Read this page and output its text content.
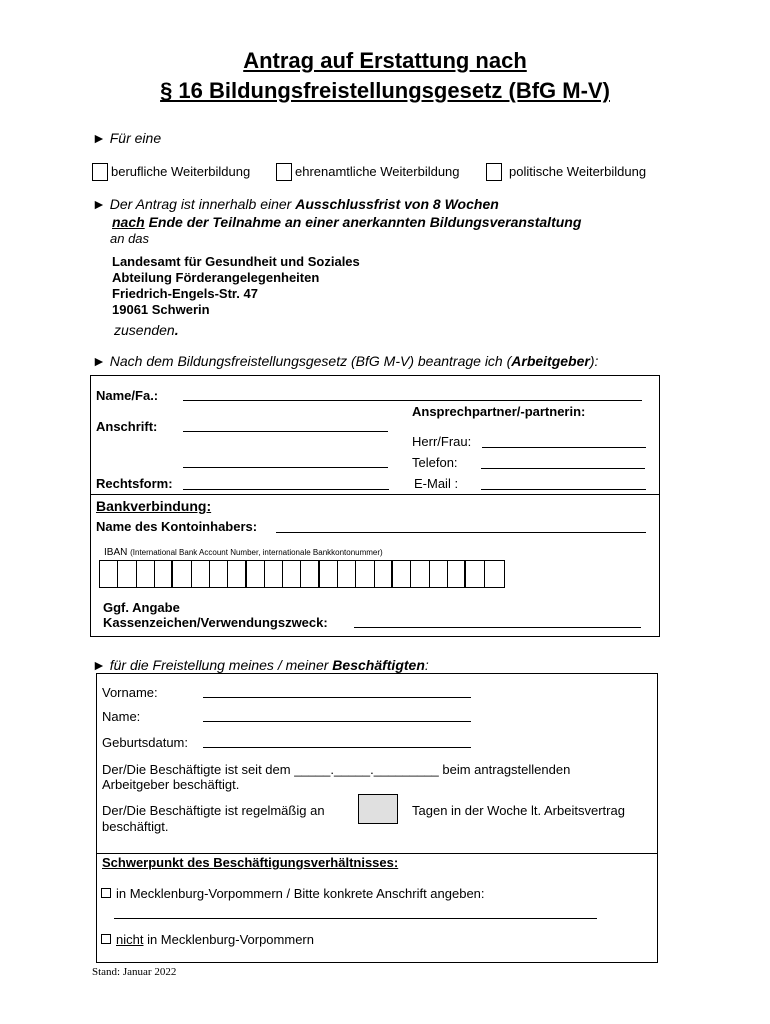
Antrag auf Erstattung nach
§ 16 Bildungsfreistellungsgesetz (BfG M-V)
► Für eine
berufliche Weiterbildung	ehrenamtliche Weiterbildung	politische Weiterbildung
► Der Antrag ist innerhalb einer Ausschlussfrist von 8 Wochen
nach Ende der Teilnahme an einer anerkannten Bildungsveranstaltung
an das
Landesamt für Gesundheit und Soziales
Abteilung Förderangelegenheiten
Friedrich-Engels-Str. 47
19061 Schwerin
zusenden.
► Nach dem Bildungsfreistellungsgesetz (BfG M-V) beantrage ich (Arbeitgeber):
Name/Fa.:
Ansprechpartner/-partnerin:
Anschrift:
Herr/Frau:
Telefon:
Rechtsform:	E-Mail :
Bankverbindung:
Name des Kontoinhabers:
IBAN (International Bank Account Number, internationale Bankkontonummer)
Ggf. Angabe
Kassenzeichen/Verwendungszweck:
► für die Freistellung meines / meiner Beschäftigten:
Vorname:
Name:
Geburtsdatum:
Der/Die Beschäftigte ist seit dem _____._____._________ beim antragstellenden
Arbeitgeber beschäftigt.
Der/Die Beschäftigte ist regelmäßig an
beschäftigt.
Tagen in der Woche lt. Arbeitsvertrag
Schwerpunkt des Beschäftigungsverhältnisses:
in Mecklenburg-Vorpommern / Bitte konkrete Anschrift angeben:
nicht in Mecklenburg-Vorpommern
Stand: Januar 2022
